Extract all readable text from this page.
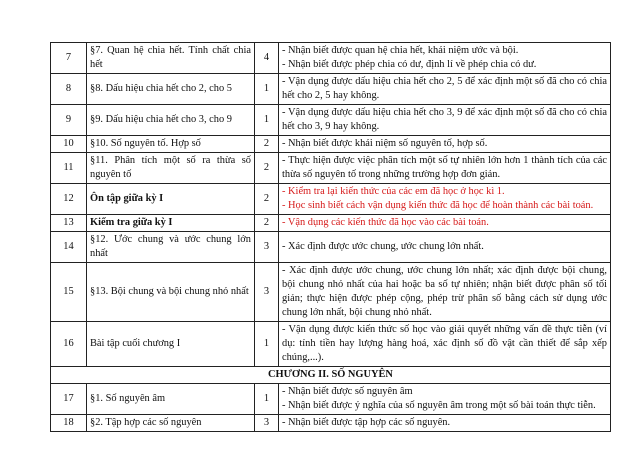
7	§7. Quan hệ chia hết. Tính chất chia hết	4	- Nhận biết được quan hệ chia hết, khái niệm ước và bội.
- Nhận biết được phép chia có dư, định lí về phép chia có dư.

8	§8. Dấu hiệu chia hết cho 2, cho 5	1	- Vận dụng được dấu hiệu chia hết cho 2, 5 để xác định một số đã cho có chia hết cho 2, 5 hay không.

9	§9. Dấu hiệu chia hết cho 3, cho 9	1	- Vận dụng được dấu hiệu chia hết cho 3, 9 để xác định một số đã cho có chia hết cho 3, 9 hay không.

10	§10. Số nguyên tố. Hợp số	2	- Nhận biết được khái niệm số nguyên tố, hợp số.

11	§11. Phân tích một số ra thừa số nguyên tố	2	- Thực hiện được việc phân tích một số tự nhiên lớn hơn 1 thành tích của các thừa số nguyên tố trong những trường hợp đơn giản.

12	Ôn tập giữa kỳ I	2	- Kiểm tra lại kiến thức của các em đã học ở học kì 1.
- Học sinh biết cách vận dụng kiến thức đã học để hoàn thành các bài toán.

13	Kiểm tra giữa kỳ I	2	- Vận dụng các kiến thức đã học vào các bài toán.

14	§12. Ước chung và ước chung lớn nhất	3	- Xác định được ước chung, ước chung lớn nhất.

15	§13. Bội chung và bội chung nhỏ nhất	3	- Xác định được ước chung, ước chung lớn nhất; xác định được bội chung, bội chung nhỏ nhất của hai hoặc ba số tự nhiên; nhận biết được phân số tối giản; thực hiện được phép cộng, phép trừ phân số bằng cách sử dụng ước chung lớn nhất, bội chung nhỏ nhất.

16	Bài tập cuối chương I	1	- Vận dụng được kiến thức số học vào giải quyết những vấn đề thực tiễn (ví dụ: tính tiền hay lượng hàng hoá, xác định số đồ vật cần thiết để sắp xếp chúng,...).

CHƯƠNG II. SỐ NGUYÊN			
17	§1. Số nguyên âm	1	- Nhận biết được số nguyên âm
- Nhận biết được ý nghĩa của số nguyên âm trong một số bài toán thực tiễn.

18	§2. Tập hợp các số nguyên	3	- Nhận biết được tập hợp các số nguyên.
